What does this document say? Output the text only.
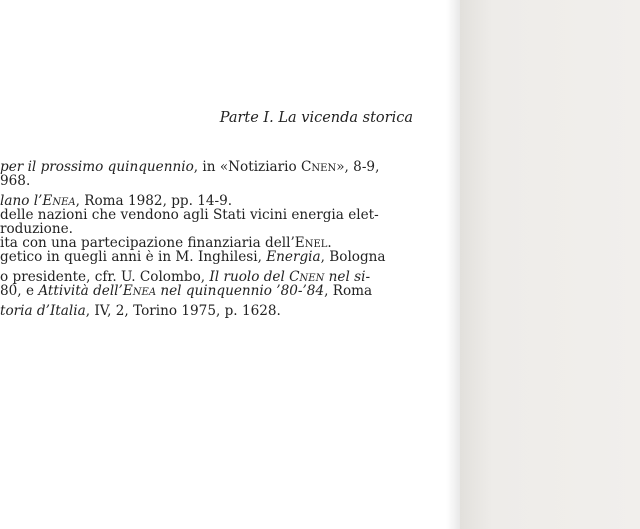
Parte I. La vicenda storica
per il prossimo quinquennio, in «Notiziario Cnen», 8-9,
968.
lano l’Enea, Roma 1982, pp. 14-9.
delle nazioni che vendono agli Stati vicini energia elet-
roduzione.
ita con una partecipazione finanziaria dell’Enel.
getico in quegli anni è in M. Inghilesi, Energia, Bologna
o presidente, cfr. U. Colombo, Il ruolo del Cnen nel si-
80, e Attività dell’Enea nel quinquennio ’80-’84, Roma
toria d’Italia, IV, 2, Torino 1975, p. 1628.
